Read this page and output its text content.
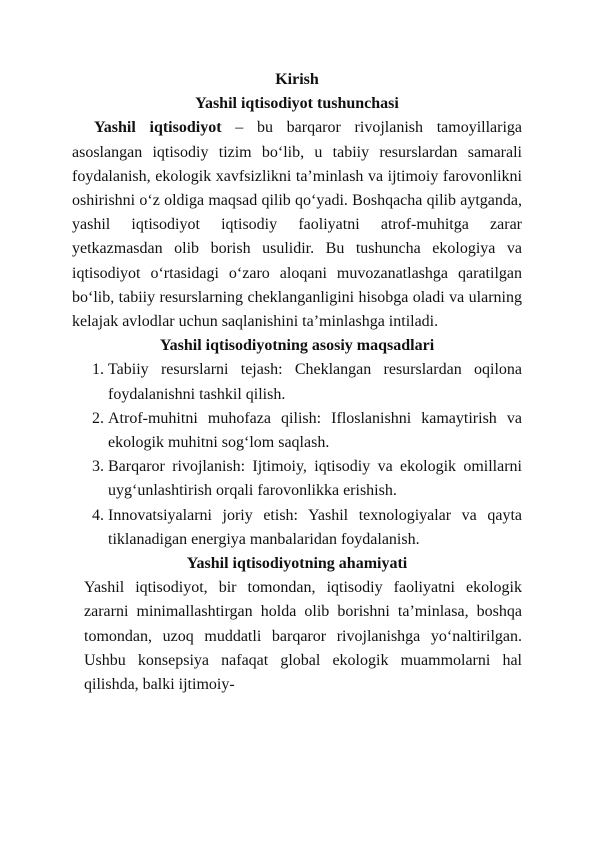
Kirish

Yashil iqtisodiyot tushunchasi

Yashil iqtisodiyot – bu barqaror rivojlanish tamoyillariga asoslangan iqtisodiy tizim bo‘lib, u tabiiy resurslardan samarali foydalanish, ekologik xavfsizlikni ta’minlash va ijtimoiy farovonlikni oshirishni o‘z oldiga maqsad qilib qo‘yadi. Boshqacha qilib aytganda, yashil iqtisodiyot iqtisodiy faoliyatni atrof-muhitga zarar yetkazmasdan olib borish usulidir. Bu tushuncha ekologiya va iqtisodiyot o‘rtasidagi o‘zaro aloqani muvozanatlashga qaratilgan bo‘lib, tabiiy resurslarning cheklanganligini hisobga oladi va ularning kelajak avlodlar uchun saqlanishini ta’minlashga intiladi.

Yashil iqtisodiyotning asosiy maqsadlari

1. Tabiiy resurslarni tejash: Cheklangan resurslardan oqilona foydalanishni tashkil qilish.
2. Atrof-muhitni muhofaza qilish: Ifloslanishni kamaytirish va ekologik muhitni sog‘lom saqlash.
3. Barqaror rivojlanish: Ijtimoiy, iqtisodiy va ekologik omillarni uyg‘unlashtirish orqali farovonlikka erishish.
4. Innovatsiyalarni joriy etish: Yashil texnologiyalar va qayta tiklanadigan energiya manbalaridan foydalanish.

Yashil iqtisodiyotning ahamiyati

Yashil iqtisodiyot, bir tomondan, iqtisodiy faoliyatni ekologik zararni minimallashtirgan holda olib borishni ta’minlasa, boshqa tomondan, uzoq muddatli barqaror rivojlanishga yo‘naltirilgan. Ushbu konsepsiya nafaqat global ekologik muammolarni hal qilishda, balki ijtimoiy-
